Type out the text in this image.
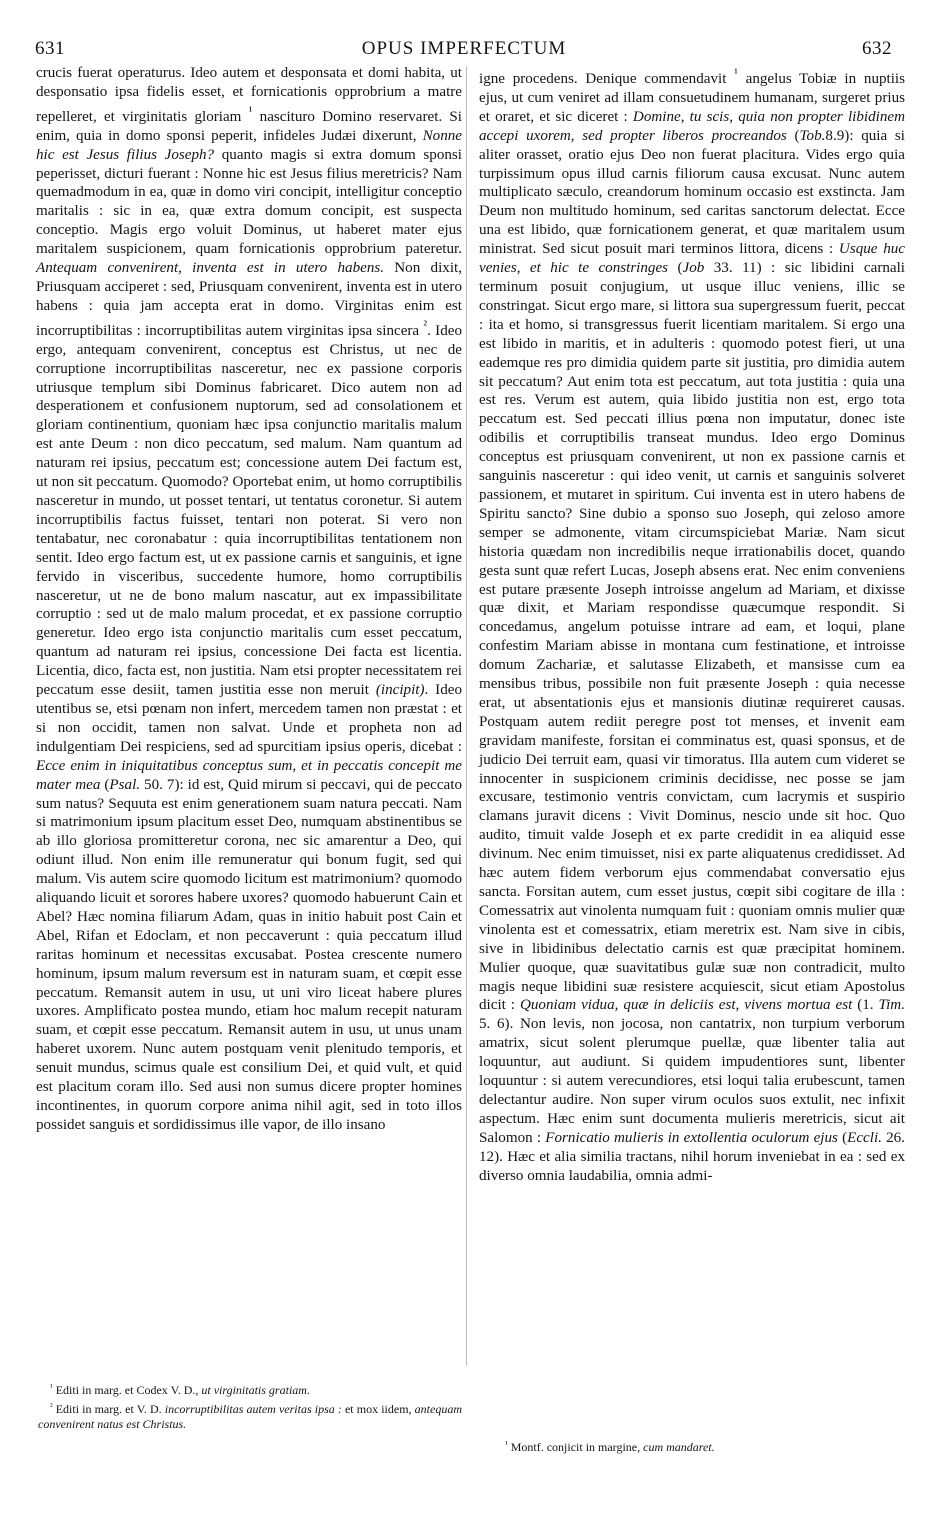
631	OPUS IMPERFECTUM	632

crucis fuerat operaturus. Ideo autem et desponsata et domi habita, ut desponsatio ipsa fidelis esset, et fornicationis opprobrium a matre repelleret, et virginitatis gloriam $^{^1}$ nasciturо Domino reservaret. Si enim, quia in domo sponsi peperit, infideles Judæi dixerunt, Nonne hic est Jesus filius Joseph? quanto magis si extra domum sponsi peperisset, dicturi fuerant : Nonne hic est Jesus filius meretricis? Nam quemadmodum in ea, quæ in domo viri concipit, intelligitur conceptio maritalis : sic in ea, quæ extra domum concipit, est suspecta conceptio. Magis ergo voluit Dominus, ut haberet mater ejus maritalem suspicionem, quam fornicationis opprobrium pateretur. Antequam convenirent, inventa est in utero habens. Non dixit, Priusquam acciperet : sed, Priusquam convenirent, inventa est in utero habens : quia jam accepta erat in domo. Virginitas enim est incorruptibilitas : incorruptibilitas autem virginitas ipsa sincera $^{^2}$. Ideo ergo, antequam convenirent, conceptus est Christus, ut nec de corruptione incorruptibilitas nasceretur, nec ex passione corporis utriusque templum sibi Dominus fabricaret. Dico autem non ad desperationem et confusionem nuptorum, sed ad consolationem et gloriam continentium, quoniam hæc ipsa conjunctio maritalis malum est ante Deum : non dico peccatum, sed malum. Nam quantum ad naturam rei ipsius, peccatum est; concessione autem Dei factum est, ut non sit peccatum. Quomodo? Oportebat enim, ut homo corruptibilis nasceretur in mundo, ut posset tentari, ut tentatus coronetur. Si autem incorruptibilis factus fuisset, tentari non poterat. Si vero non tentabatur, nec coronabatur : quia incorruptibilitas tentationem non sentit. Ideo ergo factum est, ut ex passione carnis et sanguinis, et igne fervido in visceribus, succedente humore, homo corruptibilis nasceretur, ut ne de bono malum nascatur, aut ex impassibilitate corruptio : sed ut de malo malum procedat, et ex passione corruptio generetur. Ideo ergo ista conjunctio maritalis cum esset peccatum, quantum ad naturam rei ipsius, concessione Dei facta est licentia. Licentia, dico, facta est, non justitia. Nam etsi propter necessitatem rei peccatum esse desiit, tamen justitia esse non meruit (incipit). Ideo utentibus se, etsi pœnam non infert, mercedem tamen non præstat : et si non occidit, tamen non salvat. Unde et propheta non ad indulgentiam Dei respiciens, sed ad spurcitiam ipsius operis, dicebat : Ecce enim in iniquitatibus conceptus sum, et in peccatis concepit me mater mea (Psal. 50. 7): id est, Quid mirum si peccavi, qui de peccato sum natus? Sequuta est enim generationem suam natura peccati. Nam si matrimonium ipsum placitum esset Deo, numquam abstinentibus se ab illo gloriosa promitteretur corona, nec sic amarentur a Deo, qui odiunt illud. Non enim ille remuneratur qui bonum fugit, sed qui malum. Vis autem scire quomodo licitum est matrimonium? quomodo aliquando licuit et sorores habere uxores? quomodo habuerunt Cain et Abel? Hæc nomina filiarum Adam, quas in initio habuit post Cain et Abel, Rifan et Edoclam, et non peccaverunt : quia peccatum illud raritas hominum et necessitas excusabat. Postea crescente numero hominum, ipsum malum reversum est in naturam suam, et cœpit esse peccatum. Remansit autem in usu, ut uni viro liceat habere plures uxores. Amplificato postea mundo, etiam hoc malum recepit naturam suam, et cœpit esse peccatum. Remansit autem in usu, ut unus unam haberet uxorem. Nunc autem postquam venit plenitudo temporis, et senuit mundus, scimus quale est consilium Dei, et quid vult, et quid est placitum coram illo. Sed ausi non sumus dicere propter homines incontinentes, in quorum corpore anima nihil agit, sed in toto illos possidet sanguis et sordidissimus ille vapor, de illo insano

igne procedens. Denique commendavit $^{^1}$ angelus Tobiæ in nuptiis ejus, ut cum veniret ad illam consuetudinem humanam, surgeret prius et oraret, et sic diceret : Domine, tu scis, quia non propter libidinem accepi uxorem, sed propter liberos procreandos (Tob.8.9): quia si aliter orasset, oratio ejus Deo non fuerat placitura. Vides ergo quia turpissimum opus illud carnis filiorum causa excusat. Nunc autem multiplicato sæculo, creandorum hominum occasio est exstincta. Jam Deum non multitudo hominum, sed caritas sanctorum delectat. Ecce una est libido, quæ fornicationem generat, et quæ maritalem usum ministrat. Sed sicut posuit mari terminos littora, dicens : Usque huc venies, et hic te constringes (Job 33. 11) : sic libidini carnali terminum posuit conjugium, ut usque illuc veniens, illic se constringat. Sicut ergo mare, si littora sua supergressum fuerit, peccat : ita et homo, si transgressus fuerit licentiam maritalem. Si ergo una est libido in maritis, et in adulteris : quomodo potest fieri, ut una eademque res pro dimidia quidem parte sit justitia, pro dimidia autem sit peccatum? Aut enim tota est peccatum, aut tota justitia : quia una est res. Verum est autem, quia libido justitia non est, ergo tota peccatum est. Sed peccati illius pœna non imputatur, donec iste odibilis et corruptibilis transeat mundus. Ideo ergo Dominus conceptus est priusquam convenirent, ut non ex passione carnis et sanguinis nasceretur : qui ideo venit, ut carnis et sanguinis solveret passionem, et mutaret in spiritum. Cui inventa est in utero habens de Spiritu sancto? Sine dubio a sponso suo Joseph, qui zeloso amore semper se admonente, vitam circumspiciebat Mariæ. Nam sicut historia quædam non incredibilis neque irrationabilis docet, quando gesta sunt quæ refert Lucas, Joseph absens erat. Nec enim conveniens est putare præsente Joseph introisse angelum ad Mariam, et dixisse quæ dixit, et Mariam respondisse quæcumque respondit. Si concedamus, angelum potuisse intrare ad eam, et loqui, plane confestim Mariam abisse in montana cum festinatione, et introisse domum Zachariæ, et salutasse Elizabeth, et mansisse cum ea mensibus tribus, possibile non fuit præsente Joseph : quia necesse erat, ut absentationis ejus et mansionis diutinæ requireret causas. Postquam autem rediit peregre post tot menses, et invenit eam gravidam manifeste, forsitan ei comminatus est, quasi sponsus, et de judicio Dei terruit eam, quasi vir timoratus. Illa autem cum videret se innocenter in suspicionem criminis decidisse, nec posse se jam excusare, testimonio ventris convictam, cum lacrymis et suspirio clamans juravit dicens : Vivit Dominus, nescio unde sit hoc. Quo audito, timuit valde Joseph et ex parte credidit in ea aliquid esse divinum. Nec enim timuisset, nisi ex parte aliquatenus credidisset. Ad hæc autem fidem verborum ejus commendabat conversatio ejus sancta. Forsitan autem, cum esset justus, cœpit sibi cogitare de illa : Comessatrix aut vinolenta numquam fuit : quoniam omnis mulier quæ vinolenta est et comessatrix, etiam meretrix est. Nam sive in cibis, sive in libidinibus delectatio carnis est quæ præcipitat hominem. Mulier quoque, quæ suavitatibus gulæ suæ non contradicit, multo magis neque libidini suæ resistere acquiescit, sicut etiam Apostolus dicit : Quoniam vidua, quæ in deliciis est, vivens mortua est (1. Tim. 5. 6). Non levis, non jocosa, non cantatrix, non turpium verborum amatrix, sicut solent plerumque puellæ, quæ libenter talia aut loquuntur, aut audiunt. Si quidem impudentiores sunt, libenter loquuntur : si autem verecundiores, etsi loqui talia erubescunt, tamen delectantur audire. Non super virum oculos suos extulit, nec infixit aspectum. Hæc enim sunt documenta mulieris meretricis, sicut ait Salomon : Fornicatio mulieris in extollentia oculorum ejus (Eccli. 26. 12). Hæc et alia similia tractans, nihil horum inveniebat in ea : sed ex diverso omnia laudabilia, omnia admi-

$^{^1}$ Editi in marg. et Codex V. D., ut virginitatis gratiam.

$^{^2}$ Editi in marg. et V. D. incorruptibilitas autem veritas ipsa : et mox iidem, antequam convenirent natus est Christus.

$^{^1}$ Montf. conjicit in margine, cum mandaret.
